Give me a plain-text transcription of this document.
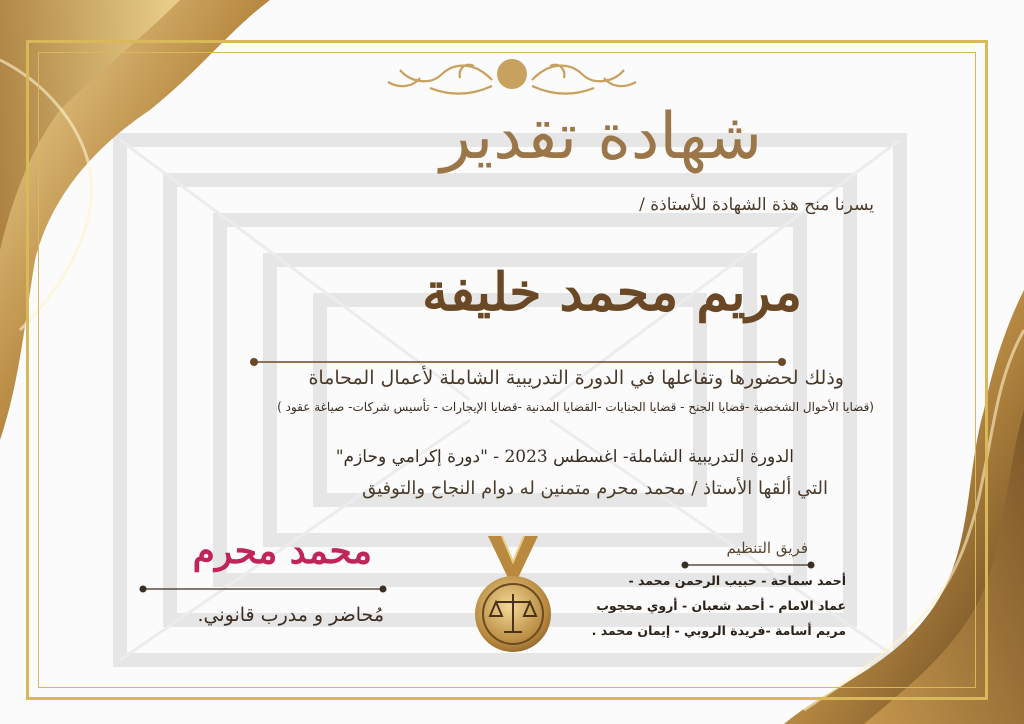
شهادة تقدير

يسرنا منح هذة الشهادة للأستاذة /

مريم محمد خليفة

وذلك لحضورها وتفاعلها في الدورة التدريبية الشاملة لأعمال المحاماة

(قضايا الأحوال الشخصية -قضايا الجنح - قضايا الجنايات -القضايا المدنية -قضايا الإيجارات - تأسيس شركات- صياغة عقود )

الدورة التدريبية الشاملة- اغسطس 2023 - "دورة إكرامي وحازم"

التي ألقها الأستاذ / محمد محرم متمنين له دوام النجاح والتوفيق

محمد محرم

مُحاضر و مدرب قانوني.

فريق التنظيم

أحمد سماحة - حبيب الرحمن محمد -

عماد الامام - أحمد شعبان - أروي محجوب

مريم أسامة -فريدة الروبي - إيمان محمد .
